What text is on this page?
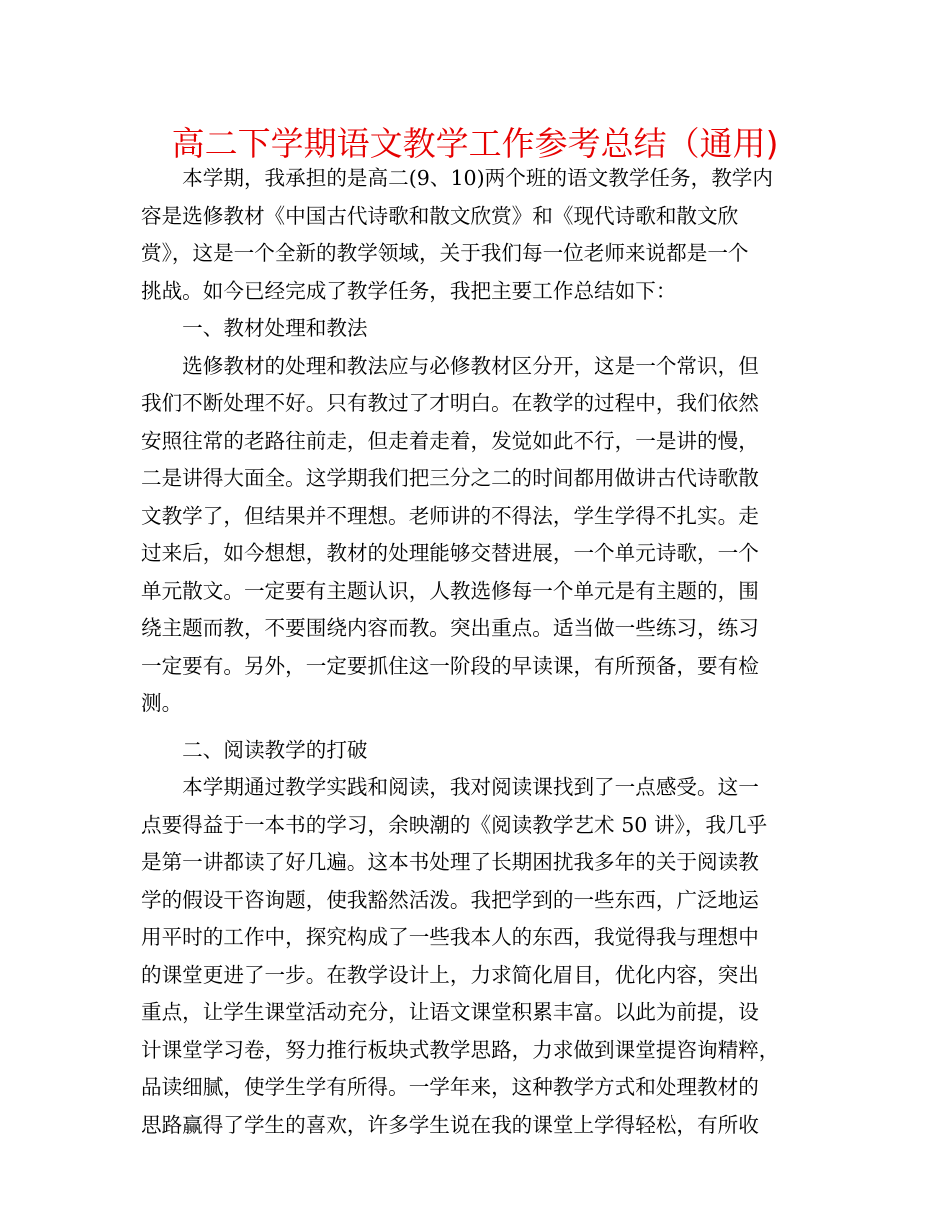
高二下学期语文教学工作参考总结（通用)
　　本学期，我承担的是高二(9、10)两个班的语文教学任务，教学内
容是选修教材《中国古代诗歌和散文欣赏》和《现代诗歌和散文欣
赏》，这是一个全新的教学领域，关于我们每一位老师来说都是一个
挑战。如今已经完成了教学任务，我把主要工作总结如下：
　　一、教材处理和教法
　　选修教材的处理和教法应与必修教材区分开，这是一个常识，但
我们不断处理不好。只有教过了才明白。在教学的过程中，我们依然
安照往常的老路往前走，但走着走着，发觉如此不行，一是讲的慢，
二是讲得大面全。这学期我们把三分之二的时间都用做讲古代诗歌散
文教学了，但结果并不理想。老师讲的不得法，学生学得不扎实。走
过来后，如今想想，教材的处理能够交替进展，一个单元诗歌，一个
单元散文。一定要有主题认识，人教选修每一个单元是有主题的，围
绕主题而教，不要围绕内容而教。突出重点。适当做一些练习，练习
一定要有。另外，一定要抓住这一阶段的早读课，有所预备，要有检
测。
　　二、阅读教学的打破
　　本学期通过教学实践和阅读，我对阅读课找到了一点感受。这一
点要得益于一本书的学习，余映潮的《阅读教学艺术 50 讲》，我几乎
是第一讲都读了好几遍。这本书处理了长期困扰我多年的关于阅读教
学的假设干咨询题，使我豁然活泼。我把学到的一些东西，广泛地运
用平时的工作中，探究构成了一些我本人的东西，我觉得我与理想中
的课堂更进了一步。在教学设计上，力求简化眉目，优化内容，突出
重点，让学生课堂活动充分，让语文课堂积累丰富。以此为前提，设
计课堂学习卷，努力推行板块式教学思路，力求做到课堂提咨询精粹，
品读细腻，使学生学有所得。一学年来，这种教学方式和处理教材的
思路赢得了学生的喜欢，许多学生说在我的课堂上学得轻松，有所收
